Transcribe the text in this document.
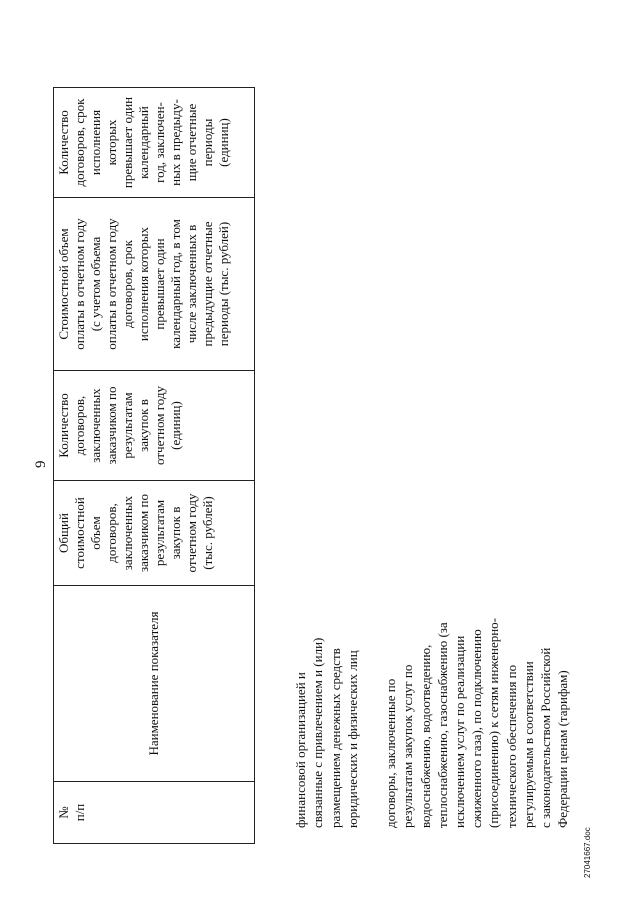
9
№
п/п	Наименование показателя	Общий
стоимостной
объем
договоров,
заключенных
заказчиком по
результатам
закупок в
отчетном году
(тыс. рублей)	Количество
договоров,
заключенных
заказчиком по
результатам
закупок в
отчетном году
(единиц)	Стоимостной объем
оплаты в отчетном году
(с учетом объема
оплаты в отчетном году
договоров, срок
исполнения которых
превышает один
календарный год, в том
числе заключенных в
предыдущие отчетные
периоды (тыс. рублей)	Количество
договоров, срок
исполнения
которых
превышает один
календарный
год, заключен-
ных в предыду-
щие отчетные
периоды
(единиц)

финансовой организацией и
связанные с привлечением и (или)
размещением денежных средств
юридических и физических лиц

договоры, заключенные по
результатам закупок услуг по
водоснабжению, водоотведению,
теплоснабжению, газоснабжению (за
исключением услуг по реализации
сжиженного газа), по подключению
(присоединению) к сетям инженерно-
технического обеспечения по
регулируемым в соответствии
с законодательством Российской
Федерации ценам (тарифам)

27041667.doc
